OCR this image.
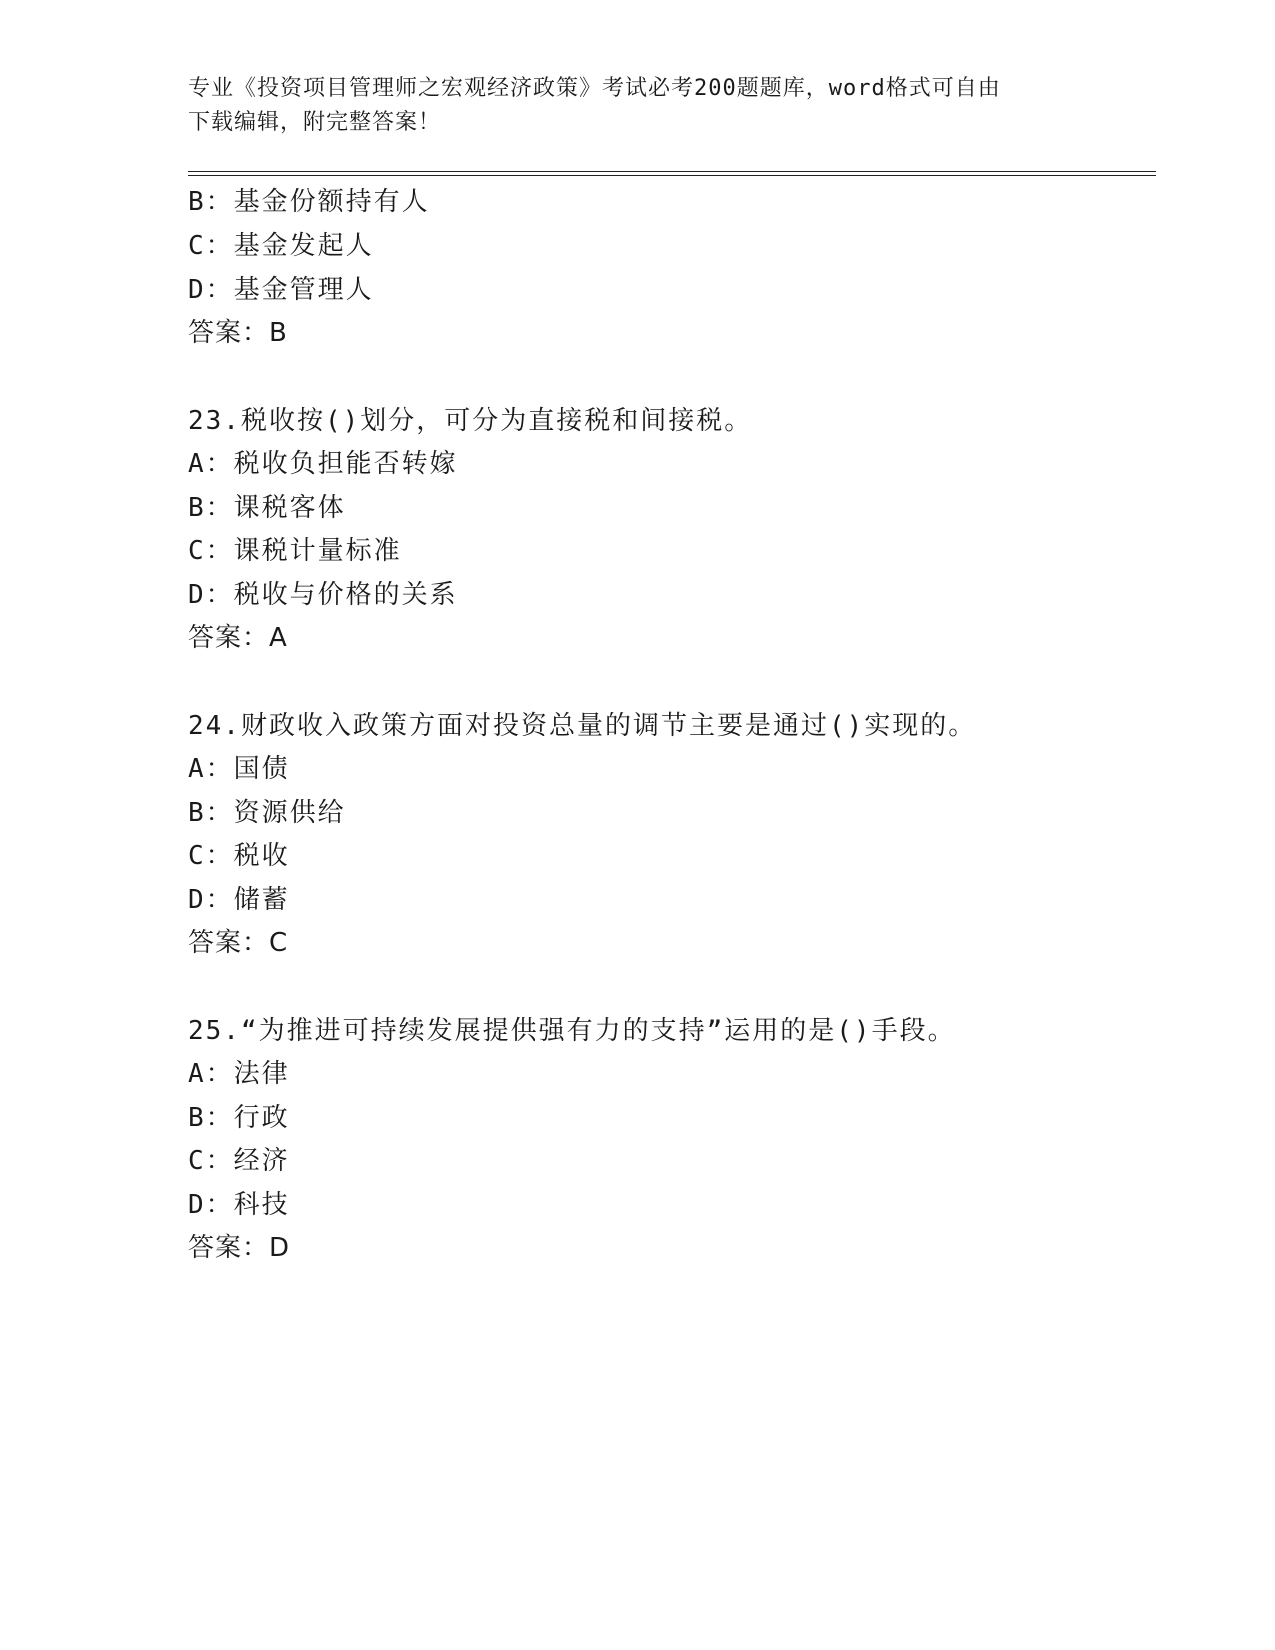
专业《投资项目管理师之宏观经济政策》考试必考200题题库，word格式可自由
下载编辑，附完整答案！
B：基金份额持有人
C：基金发起人
D：基金管理人
答案：B
23.税收按()划分，可分为直接税和间接税。
A：税收负担能否转嫁
B：课税客体
C：课税计量标准
D：税收与价格的关系
答案：A
24.财政收入政策方面对投资总量的调节主要是通过()实现的。
A：国债
B：资源供给
C：税收
D：储蓄
答案：C
25.“为推进可持续发展提供强有力的支持”运用的是()手段。
A：法律
B：行政
C：经济
D：科技
答案：D
